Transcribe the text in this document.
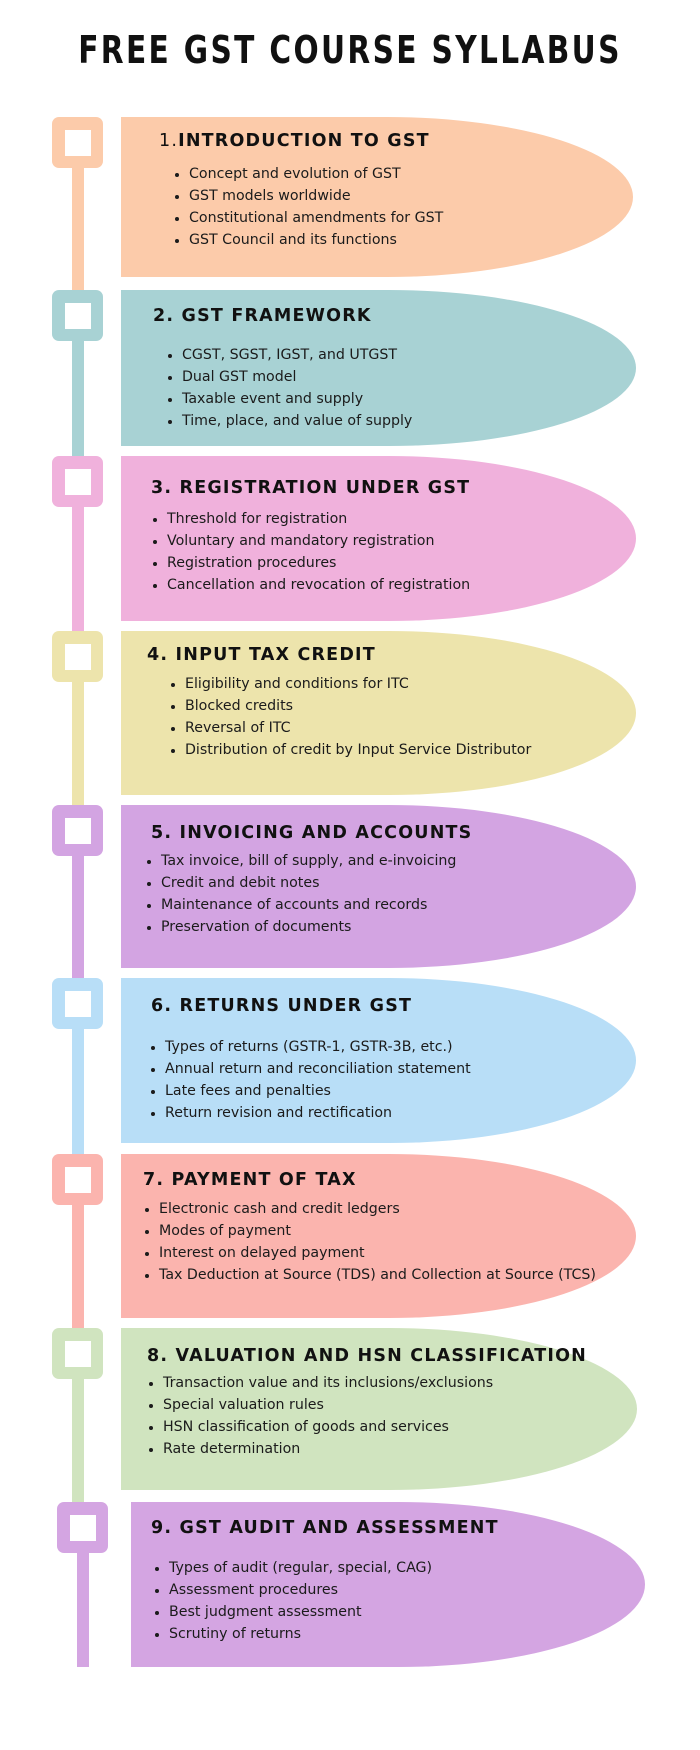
FREE GST COURSE SYLLABUS
1.INTRODUCTION TO GST
Concept and evolution of GST
GST models worldwide
Constitutional amendments for GST
GST Council and its functions
2. GST FRAMEWORK
CGST, SGST, IGST, and UTGST
Dual GST model
Taxable event and supply
Time, place, and value of supply
3. REGISTRATION UNDER GST
Threshold for registration
Voluntary and mandatory registration
Registration procedures
Cancellation and revocation of registration
4. INPUT TAX CREDIT
Eligibility and conditions for ITC
Blocked credits
Reversal of ITC
Distribution of credit by Input Service Distributor
5. INVOICING AND ACCOUNTS
Tax invoice, bill of supply, and e-invoicing
Credit and debit notes
Maintenance of accounts and records
Preservation of documents
6. RETURNS UNDER GST
Types of returns (GSTR-1, GSTR-3B, etc.)
Annual return and reconciliation statement
Late fees and penalties
Return revision and rectification
7. PAYMENT OF TAX
Electronic cash and credit ledgers
Modes of payment
Interest on delayed payment
Tax Deduction at Source (TDS) and Collection at Source (TCS)
8. VALUATION AND HSN CLASSIFICATION
Transaction value and its inclusions/exclusions
Special valuation rules
HSN classification of goods and services
Rate determination
9. GST AUDIT AND ASSESSMENT
Types of audit (regular, special, CAG)
Assessment procedures
Best judgment assessment
Scrutiny of returns
